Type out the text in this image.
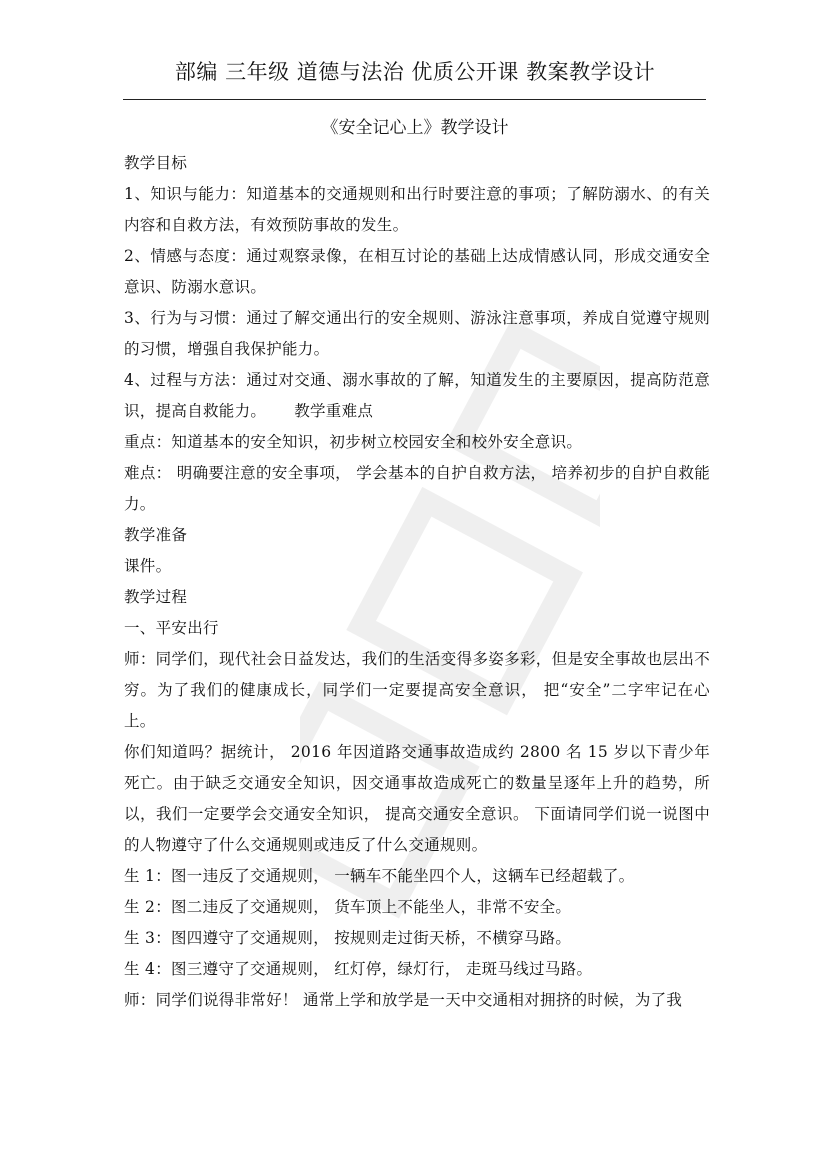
部编 三年级 道德与法治 优质公开课 教案教学设计
《安全记心上》教学设计

教学目标

1、知识与能力：知道基本的交通规则和出行时要注意的事项；了解防溺水、的有关内容和自救方法，有效预防事故的发生。

2、情感与态度：通过观察录像，在相互讨论的基础上达成情感认同，形成交通安全意识、防溺水意识。

3、行为与习惯：通过了解交通出行的安全规则、游泳注意事项，养成自觉遵守规则的习惯，增强自我保护能力。

4、过程与方法：通过对交通、溺水事故的了解，知道发生的主要原因，提高防范意识，提高自救能力。 教学重难点

重点：知道基本的安全知识，初步树立校园安全和校外安全意识。

难点： 明确要注意的安全事项， 学会基本的自护自救方法， 培养初步的自护自救能力。

教学准备

课件。

教学过程

一、平安出行

师：同学们，现代社会日益发达，我们的生活变得多姿多彩，但是安全事故也层出不穷。为了我们的健康成长，同学们一定要提高安全意识， 把“安全”二字牢记在心上。

你们知道吗？据统计， 2016 年因道路交通事故造成约 2800 名 15 岁以下青少年死亡。由于缺乏交通安全知识，因交通事故造成死亡的数量呈逐年上升的趋势，所以，我们一定要学会交通安全知识， 提高交通安全意识。 下面请同学们说一说图中的人物遵守了什么交通规则或违反了什么交通规则。

生 1：图一违反了交通规则， 一辆车不能坐四个人，这辆车已经超载了。

生 2：图二违反了交通规则， 货车顶上不能坐人，非常不安全。

生 3：图四遵守了交通规则， 按规则走过街天桥，不横穿马路。

生 4：图三遵守了交通规则， 红灯停，绿灯行， 走斑马线过马路。

师：同学们说得非常好！ 通常上学和放学是一天中交通相对拥挤的时候，为了我
